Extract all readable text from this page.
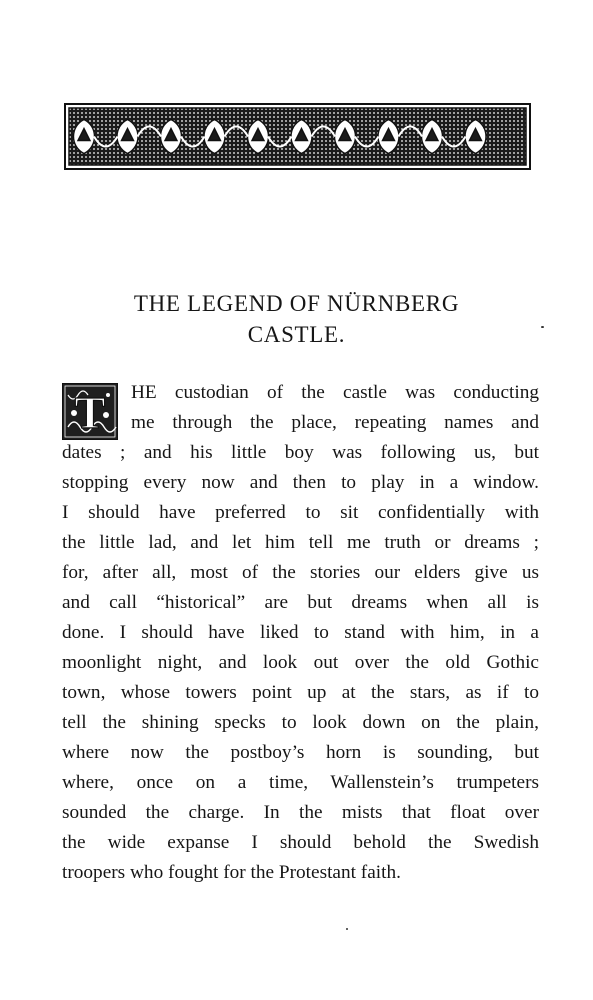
THE LEGEND OF NÜRNBERG
CASTLE.
T	HE custodian of the castle was conducting
me through the place, repeating names and
dates ; and his little boy was following us, but
stopping every now and then to play in a window.
I should have preferred to sit confidentially with
the little lad, and let him tell me truth or dreams ;
for, after all, most of the stories our elders give us
and call “historical” are but dreams when all is
done. I should have liked to stand with him, in a
moonlight night, and look out over the old Gothic
town, whose towers point up at the stars, as if to
tell the shining specks to look down on the plain,
where now the postboy’s horn is sounding, but
where, once on a time, Wallenstein’s trumpeters
sounded the charge. In the mists that float over
the wide expanse I should behold the Swedish
troopers who fought for the Protestant faith.
